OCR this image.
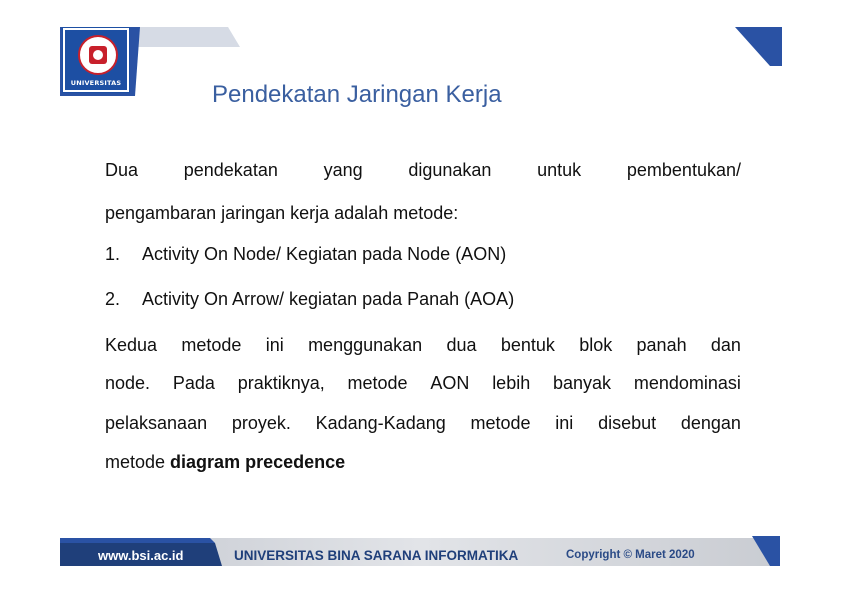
UNIVERSITAS	Pendekatan Jaringan Kerja
Dua	pendekatan	yang	digunakan	untuk	pembentukan/
pengambaran jaringan kerja adalah metode:
1. Activity On Node/ Kegiatan pada Node (AON)
2. Activity On Arrow/ kegiatan pada Panah (AOA)
Kedua metode ini menggunakan dua bentuk blok panah dan
node. Pada praktiknya, metode AON lebih banyak mendominasi
pelaksanaan proyek. Kadang-Kadang metode ini disebut dengan
metode diagram precedence
www.bsi.ac.id	UNIVERSITAS BINA SARANA INFORMATIKA	Copyright © Maret 2020
